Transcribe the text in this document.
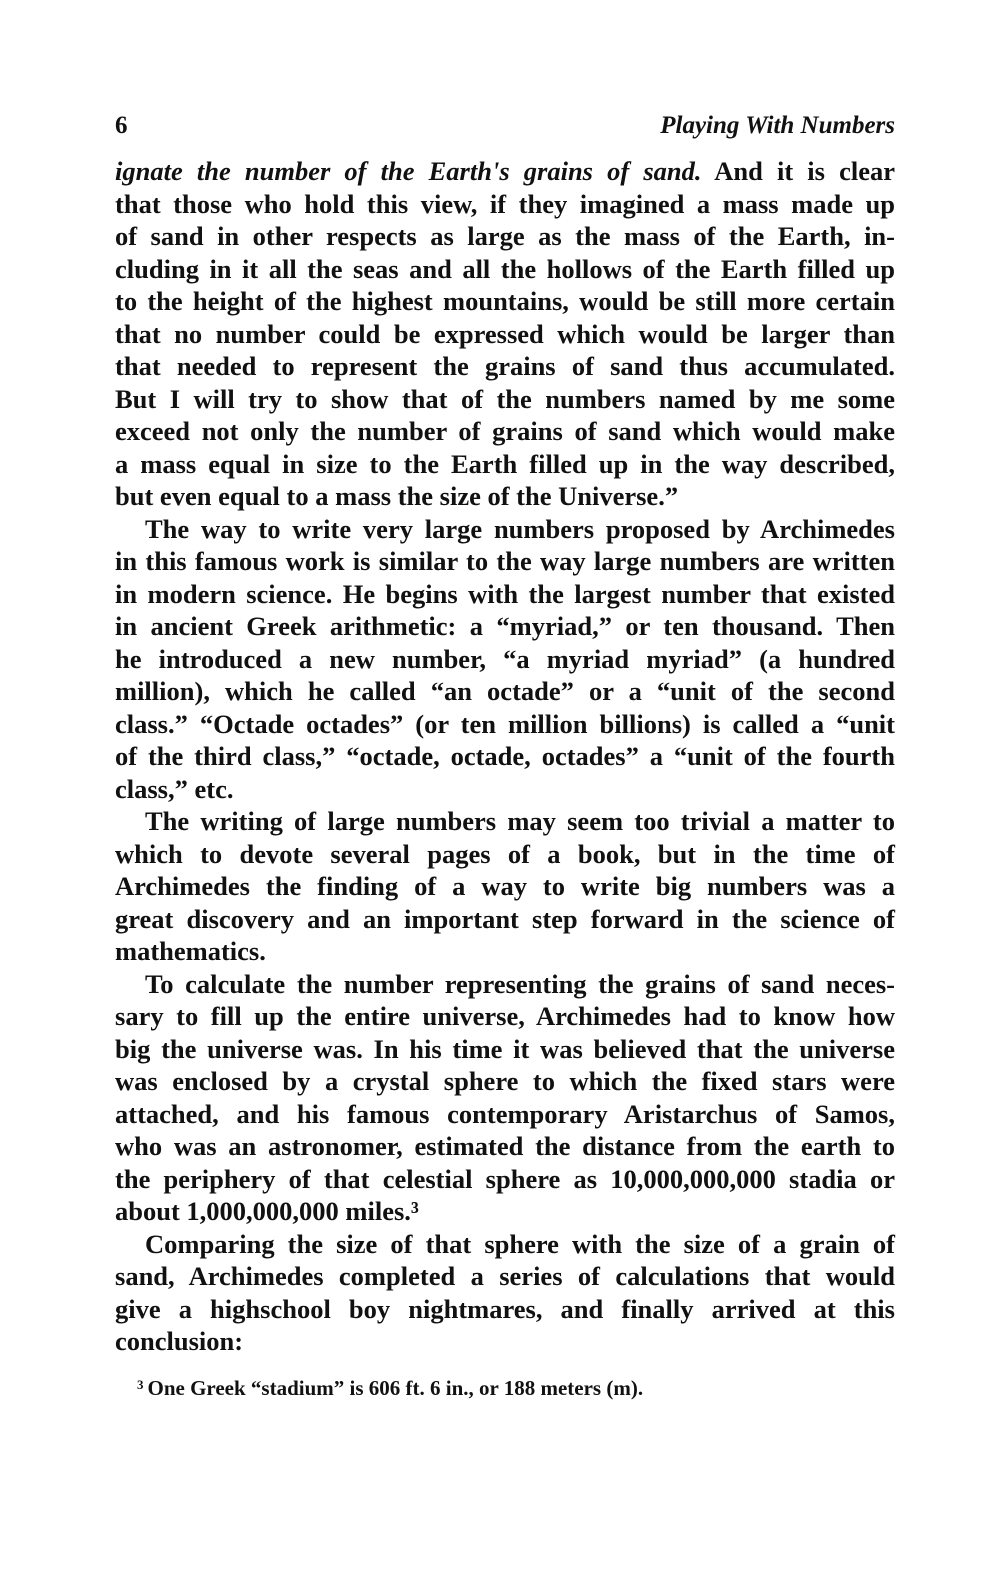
6	Playing With Numbers
ignate the number of the Earth's grains of sand. And it is clear
that those who hold this view, if they imagined a mass made up
of sand in other respects as large as the mass of the Earth, in-
cluding in it all the seas and all the hollows of the Earth filled up
to the height of the highest mountains, would be still more certain
that no number could be expressed which would be larger than
that needed to represent the grains of sand thus accumulated.
But I will try to show that of the numbers named by me some
exceed not only the number of grains of sand which would make
a mass equal in size to the Earth filled up in the way described,
but even equal to a mass the size of the Universe.”
The way to write very large numbers proposed by Archimedes
in this famous work is similar to the way large numbers are written
in modern science. He begins with the largest number that existed
in ancient Greek arithmetic: a “myriad,” or ten thousand. Then
he introduced a new number, “a myriad myriad” (a hundred
million), which he called “an octade” or a “unit of the second
class.” “Octade octades” (or ten million billions) is called a “unit
of the third class,” “octade, octade, octades” a “unit of the fourth
class,” etc.
The writing of large numbers may seem too trivial a matter to
which to devote several pages of a book, but in the time of
Archimedes the finding of a way to write big numbers was a
great discovery and an important step forward in the science of
mathematics.
To calculate the number representing the grains of sand neces-
sary to fill up the entire universe, Archimedes had to know how
big the universe was. In his time it was believed that the universe
was enclosed by a crystal sphere to which the fixed stars were
attached, and his famous contemporary Aristarchus of Samos,
who was an astronomer, estimated the distance from the earth to
the periphery of that celestial sphere as 10,000,000,000 stadia or
about 1,000,000,000 miles.³
Comparing the size of that sphere with the size of a grain of
sand, Archimedes completed a series of calculations that would
give a highschool boy nightmares, and finally arrived at this
conclusion:
$^3$ One Greek “stadium” is 606 ft. 6 in., or 188 meters (m).
